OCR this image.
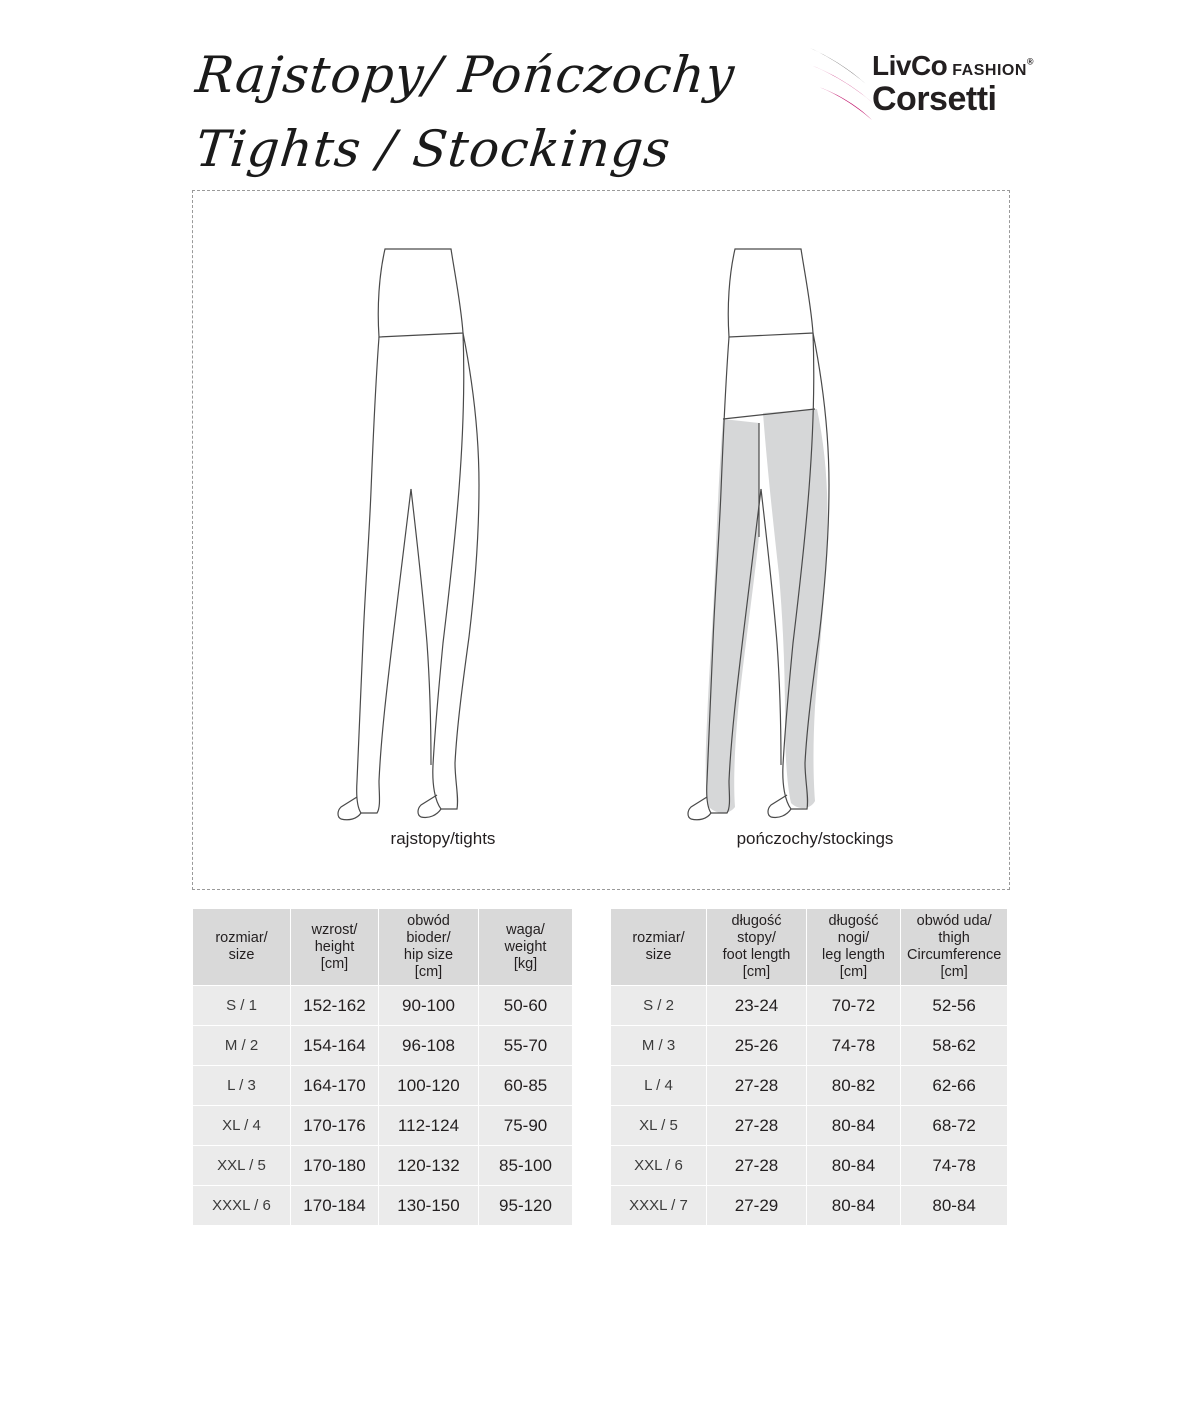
Rajstopy/ Pończochy
Tights / Stockings
LivCo FASHION®
Corsetti
rajstopy/tights	pończochy/stockings
rozmiar/
size

wzrost/
height
[cm]

obwód bioder/
hip size
[cm]

waga/
weight
[kg]

S / 1	152-162	90-100	50-60
M / 2	154-164	96-108	55-70
L / 3	164-170	100-120	60-85
XL / 4	170-176	112-124	75-90
XXL / 5	170-180	120-132	85-100
XXXL / 6	170-184	130-150	95-120
rozmiar/
size

długość stopy/
foot length
[cm]

długość nogi/
leg length
[cm]

obwód uda/
thigh
Circumference
[cm]

S / 2	23-24	70-72	52-56
M / 3	25-26	74-78	58-62
L / 4	27-28	80-82	62-66
XL / 5	27-28	80-84	68-72
XXL / 6	27-28	80-84	74-78
XXXL / 7	27-29	80-84	80-84
